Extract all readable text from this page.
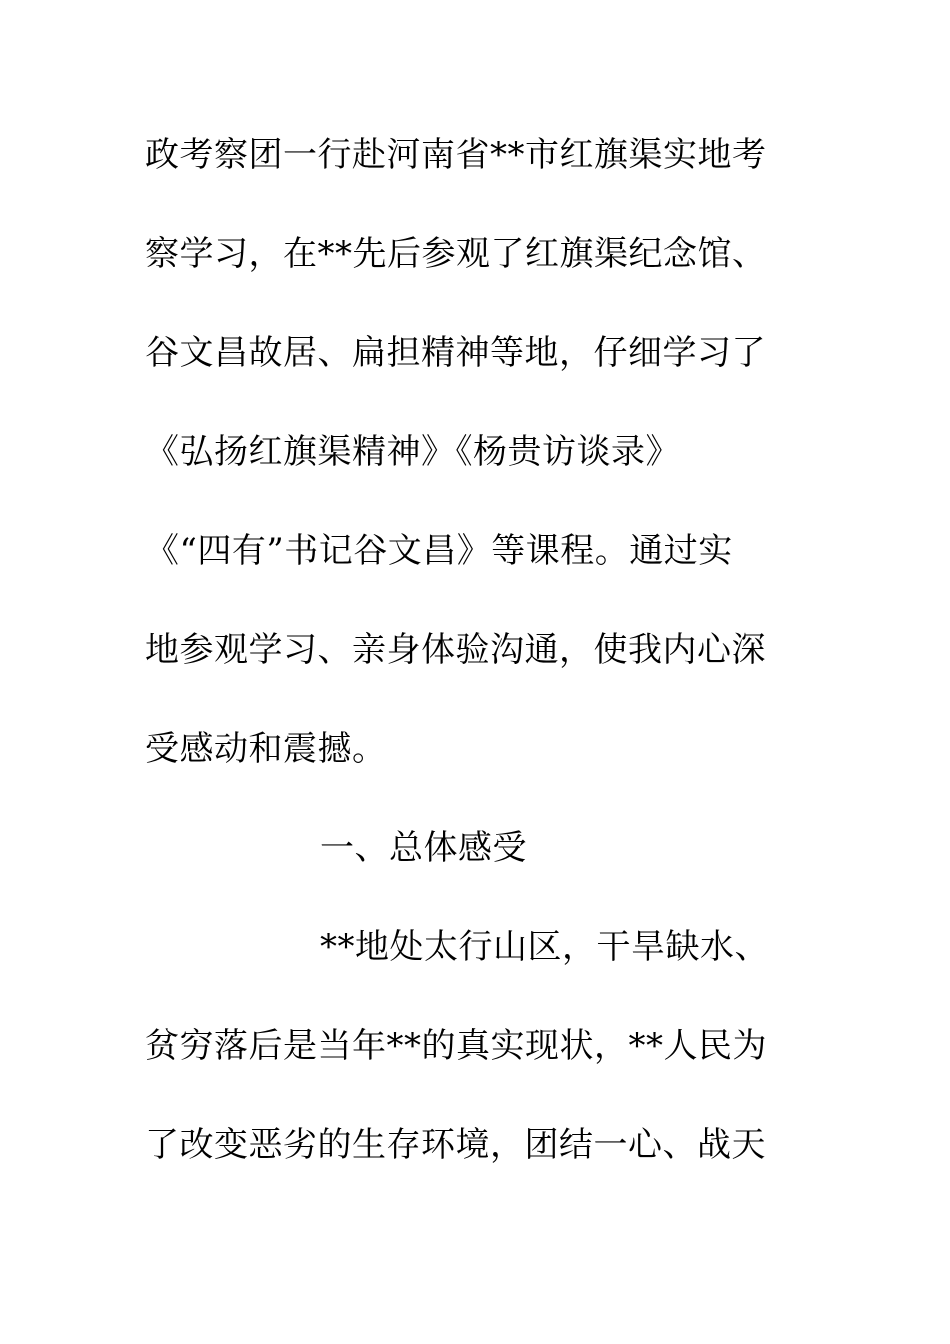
政考察团一行赴河南省**市红旗渠实地考
察学习，在**先后参观了红旗渠纪念馆、
谷文昌故居、扁担精神等地，仔细学习了
《弘扬红旗渠精神》《杨贵访谈录》
《“四有”书记谷文昌》等课程。通过实
地参观学习、亲身体验沟通，使我内心深
受感动和震撼。
一、总体感受
**地处太行山区，干旱缺水、
贫穷落后是当年**的真实现状，**人民为
了改变恶劣的生存环境，团结一心、战天
